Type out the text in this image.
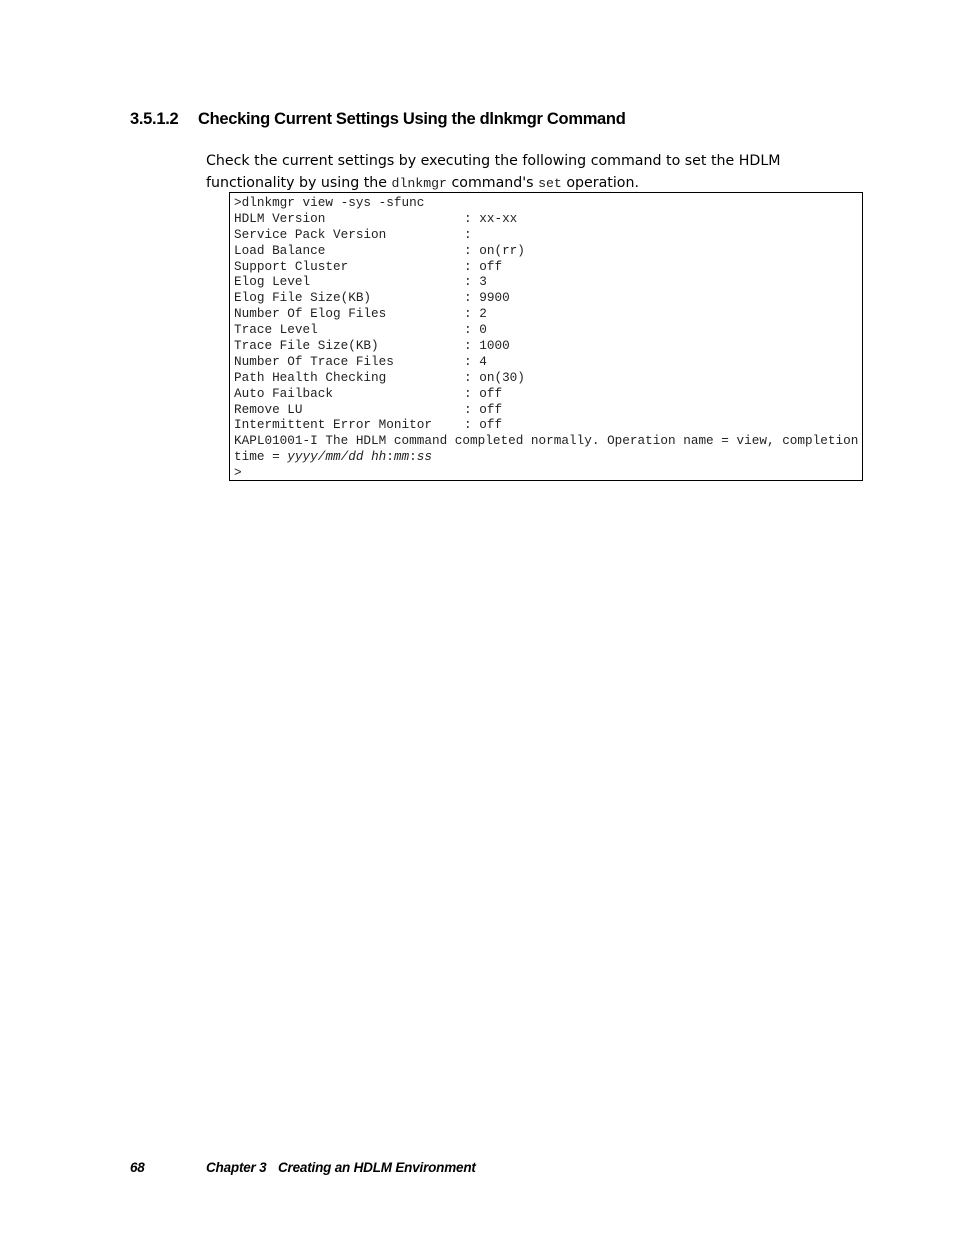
3.5.1.2 Checking Current Settings Using the dlnkmgr Command
Check the current settings by executing the following command to set the HDLM functionality by using the dlnkmgr command's set operation.
>dlnkmgr view -sys -sfunc
HDLM Version	: xx-xx
Service Pack Version	:
Load Balance	: on(rr)
Support Cluster	: off
Elog Level	: 3
Elog File Size(KB)	: 9900
Number Of Elog Files	: 2
Trace Level	: 0
Trace File Size(KB)	: 1000
Number Of Trace Files	: 4
Path Health Checking	: on(30)
Auto Failback	: off
Remove LU	: off
Intermittent Error Monitor	: off
KAPL01001-I The HDLM command completed normally. Operation name = view, completion
time = yyyy/mm/dd hh:mm:ss
>
68	Chapter 3 Creating an HDLM Environment
